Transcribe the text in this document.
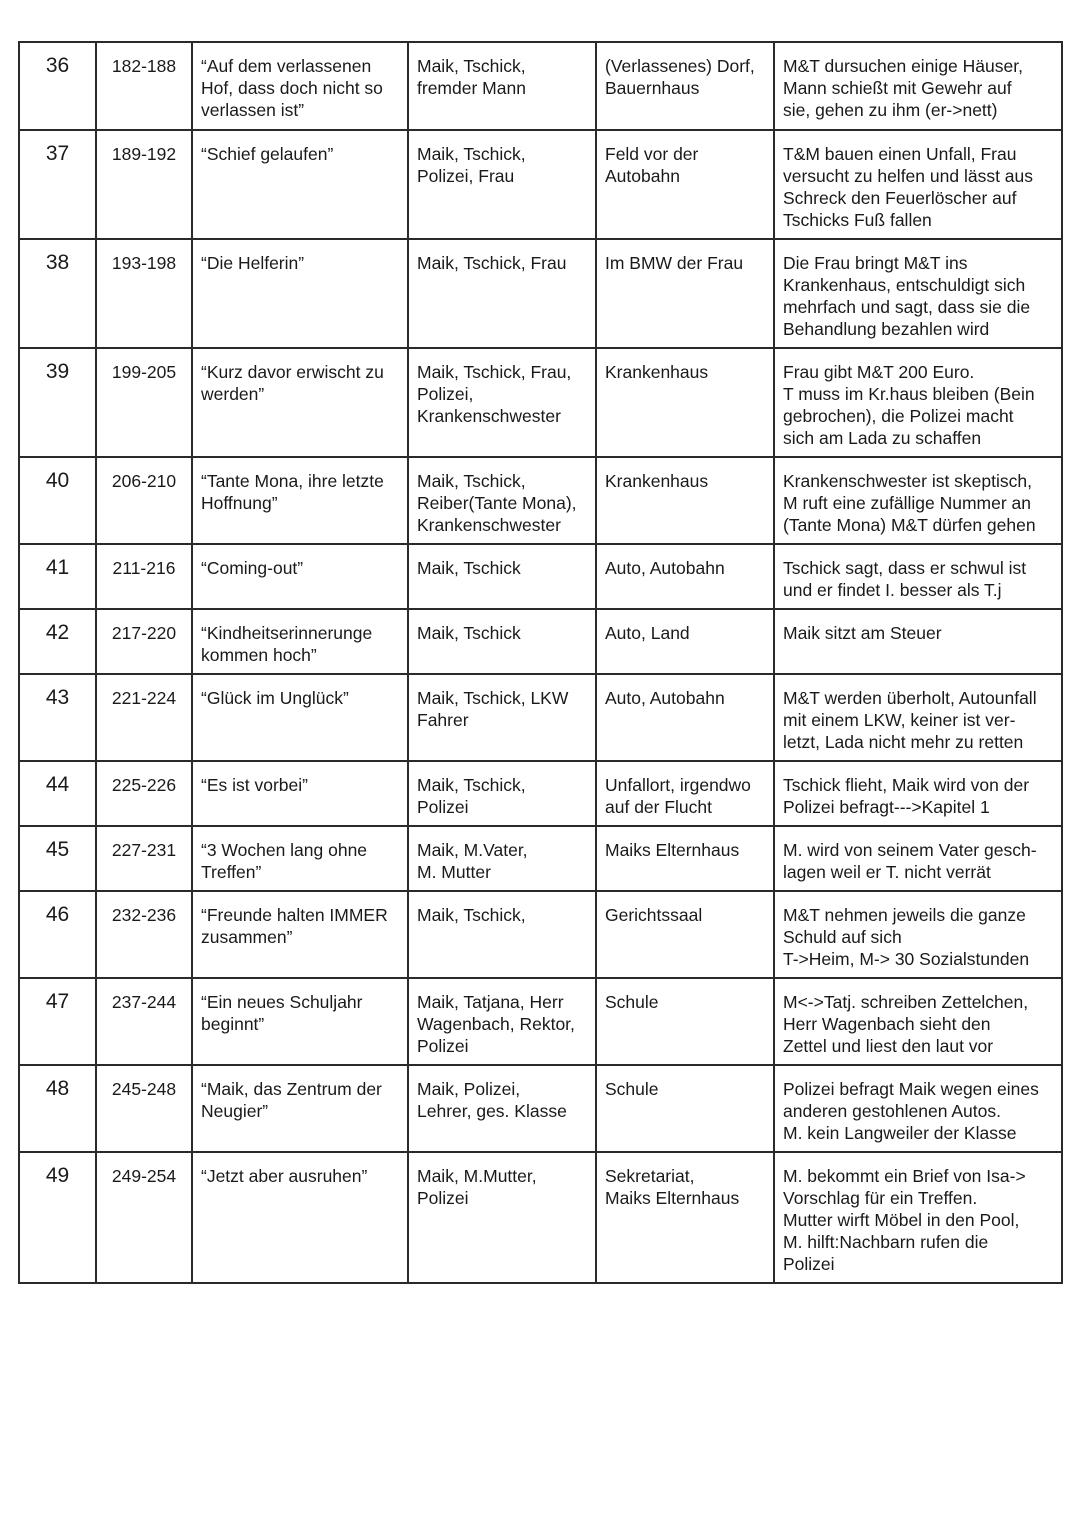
36	182-188	“Auf dem verlassenen
Hof, dass doch nicht so
verlassen ist”	Maik, Tschick,
fremder Mann	(Verlassenes) Dorf,
Bauernhaus	M&T dursuchen einige Häuser,
Mann schießt mit Gewehr auf
sie, gehen zu ihm (er->nett)
37	189-192	“Schief gelaufen”	Maik, Tschick,
Polizei, Frau	Feld vor der
Autobahn	T&M bauen einen Unfall, Frau
versucht zu helfen und lässt aus
Schreck den Feuerlöscher auf
Tschicks Fuß fallen
38	193-198	“Die Helferin”	Maik, Tschick, Frau	Im BMW der Frau	Die Frau bringt M&T ins
Krankenhaus, entschuldigt sich
mehrfach und sagt, dass sie die
Behandlung bezahlen wird
39	199-205	“Kurz davor erwischt zu
werden”	Maik, Tschick, Frau,
Polizei,
Krankenschwester	Krankenhaus	Frau gibt M&T 200 Euro.
T muss im Kr.haus bleiben (Bein
gebrochen), die Polizei macht
sich am Lada zu schaffen
40	206-210	“Tante Mona, ihre letzte
Hoffnung”	Maik, Tschick,
Reiber(Tante Mona),
Krankenschwester	Krankenhaus	Krankenschwester ist skeptisch,
M ruft eine zufällige Nummer an
(Tante Mona) M&T dürfen gehen
41	211-216	“Coming-out”	Maik, Tschick	Auto, Autobahn	Tschick sagt, dass er schwul ist
und er findet I. besser als T.j
42	217-220	“Kindheitserinnerunge
kommen hoch”	Maik, Tschick	Auto, Land	Maik sitzt am Steuer
43	221-224	“Glück im Unglück”	Maik, Tschick, LKW
Fahrer	Auto, Autobahn	M&T werden überholt, Autounfall
mit einem LKW, keiner ist ver-
letzt, Lada nicht mehr zu retten
44	225-226	“Es ist vorbei”	Maik, Tschick,
Polizei	Unfallort, irgendwo
auf der Flucht	Tschick flieht, Maik wird von der
Polizei befragt--->Kapitel 1
45	227-231	“3 Wochen lang ohne
Treffen”	Maik, M.Vater,
M. Mutter	Maiks Elternhaus	M. wird von seinem Vater gesch-
lagen weil er T. nicht verrät
46	232-236	“Freunde halten IMMER
zusammen”	Maik, Tschick,	Gerichtssaal	M&T nehmen jeweils die ganze
Schuld auf sich
T->Heim, M-> 30 Sozialstunden
47	237-244	“Ein neues Schuljahr
beginnt”	Maik, Tatjana, Herr
Wagenbach, Rektor,
Polizei	Schule	M<->Tatj. schreiben Zettelchen,
Herr Wagenbach sieht den
Zettel und liest den laut vor
48	245-248	“Maik, das Zentrum der
Neugier”	Maik, Polizei,
Lehrer, ges. Klasse	Schule	Polizei befragt Maik wegen eines
anderen gestohlenen Autos.
M. kein Langweiler der Klasse
49	249-254	“Jetzt aber ausruhen”	Maik, M.Mutter,
Polizei	Sekretariat,
Maiks Elternhaus	M. bekommt ein Brief von Isa->
Vorschlag für ein Treffen.
Mutter wirft Möbel in den Pool,
M. hilft:Nachbarn rufen die
Polizei
